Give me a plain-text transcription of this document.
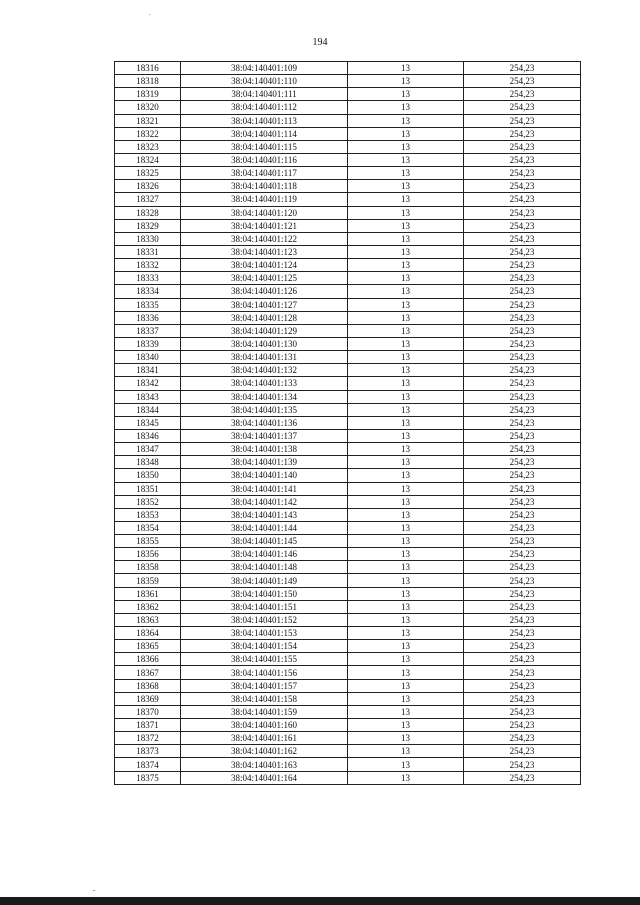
194
18316	38:04:140401:109	13	254,23
18318	38:04:140401:110	13	254,23
18319	38:04:140401:111	13	254,23
18320	38:04:140401:112	13	254,23
18321	38:04:140401:113	13	254,23
18322	38:04:140401:114	13	254,23
18323	38:04:140401:115	13	254,23
18324	38:04:140401:116	13	254,23
18325	38:04:140401:117	13	254,23
18326	38:04:140401:118	13	254,23
18327	38:04:140401:119	13	254,23
18328	38:04:140401:120	13	254,23
18329	38:04:140401:121	13	254,23
18330	38:04:140401:122	13	254,23
18331	38:04:140401:123	13	254,23
18332	38:04:140401:124	13	254,23
18333	38:04:140401:125	13	254,23
18334	38:04:140401:126	13	254,23
18335	38:04:140401:127	13	254,23
18336	38:04:140401:128	13	254,23
18337	38:04:140401:129	13	254,23
18339	38:04:140401:130	13	254,23
18340	38:04:140401:131	13	254,23
18341	38:04:140401:132	13	254,23
18342	38:04:140401:133	13	254,23
18343	38:04:140401:134	13	254,23
18344	38:04:140401:135	13	254,23
18345	38:04:140401:136	13	254,23
18346	38:04:140401:137	13	254,23
18347	38:04:140401:138	13	254,23
18348	38:04:140401:139	13	254,23
18350	38:04:140401:140	13	254,23
18351	38:04:140401:141	13	254,23
18352	38:04:140401:142	13	254,23
18353	38:04:140401:143	13	254,23
18354	38:04:140401:144	13	254,23
18355	38:04:140401:145	13	254,23
18356	38:04:140401:146	13	254,23
18358	38:04:140401:148	13	254,23
18359	38:04:140401:149	13	254,23
18361	38:04:140401:150	13	254,23
18362	38:04:140401:151	13	254,23
18363	38:04:140401:152	13	254,23
18364	38:04:140401:153	13	254,23
18365	38:04:140401:154	13	254,23
18366	38:04:140401:155	13	254,23
18367	38:04:140401:156	13	254,23
18368	38:04:140401:157	13	254,23
18369	38:04:140401:158	13	254,23
18370	38:04:140401:159	13	254,23
18371	38:04:140401:160	13	254,23
18372	38:04:140401:161	13	254,23
18373	38:04:140401:162	13	254,23
18374	38:04:140401:163	13	254,23
18375	38:04:140401:164	13	254,23
